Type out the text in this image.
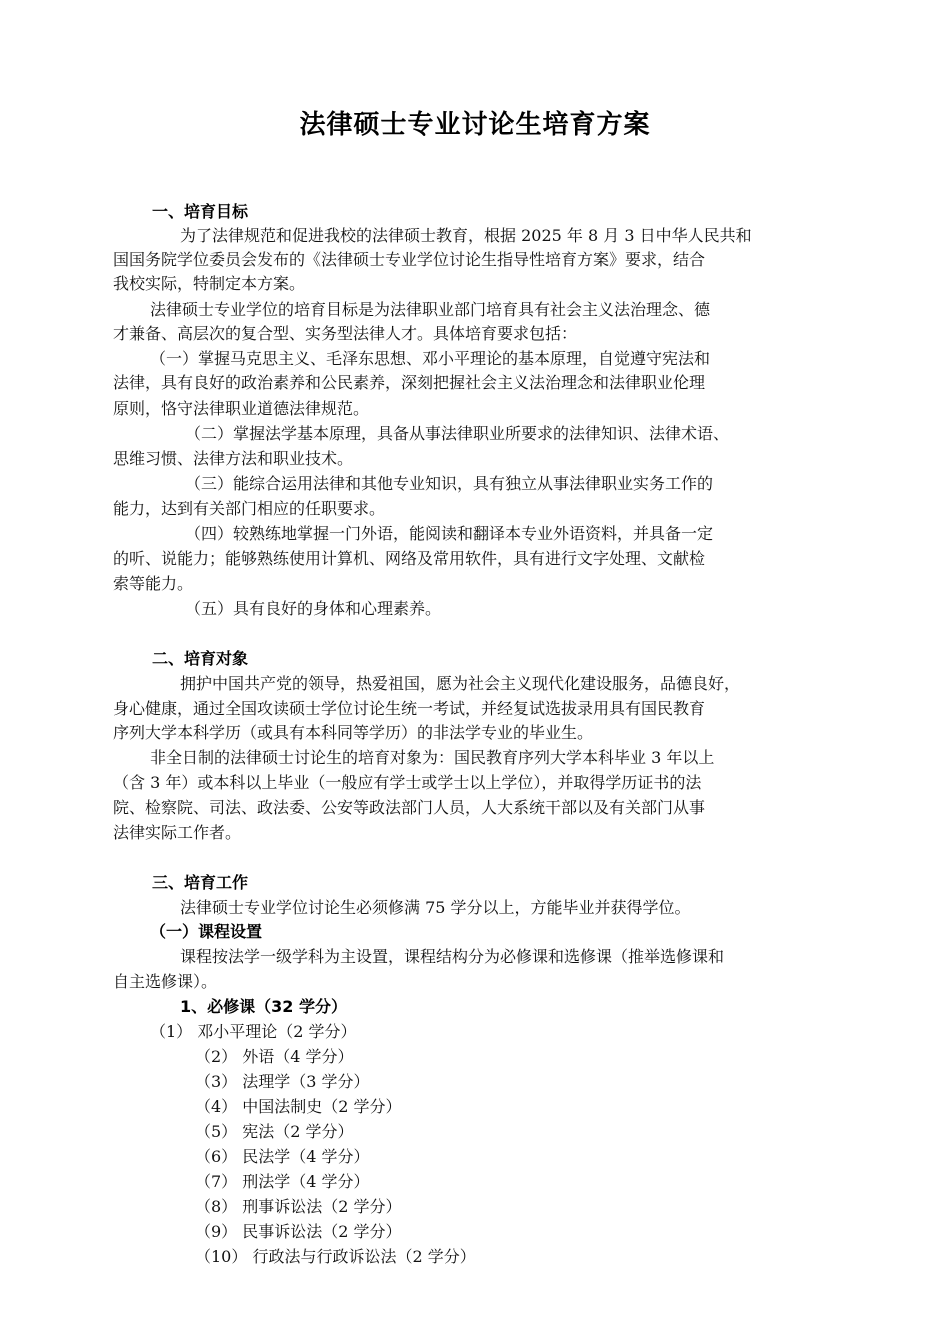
法律硕士专业讨论生培育方案
一、培育目标
为了法律规范和促进我校的法律硕士教育，根据 2025 年 8 月 3 日中华人民共和
国国务院学位委员会发布的《法律硕士专业学位讨论生指导性培育方案》要求，结合
我校实际，特制定本方案。
法律硕士专业学位的培育目标是为法律职业部门培育具有社会主义法治理念、德
才兼备、高层次的复合型、实务型法律人才。具体培育要求包括：
（一）掌握马克思主义、毛泽东思想、邓小平理论的基本原理，自觉遵守宪法和
法律，具有良好的政治素养和公民素养，深刻把握社会主义法治理念和法律职业伦理
原则，恪守法律职业道德法律规范。
（二）掌握法学基本原理，具备从事法律职业所要求的法律知识、法律术语、
思维习惯、法律方法和职业技术。
（三）能综合运用法律和其他专业知识，具有独立从事法律职业实务工作的
能力，达到有关部门相应的任职要求。
（四）较熟练地掌握一门外语，能阅读和翻译本专业外语资料，并具备一定
的听、说能力；能够熟练使用计算机、网络及常用软件，具有进行文字处理、文献检
索等能力。
（五）具有良好的身体和心理素养。
二、培育对象
拥护中国共产党的领导，热爱祖国，愿为社会主义现代化建设服务，品德良好，
身心健康，通过全国攻读硕士学位讨论生统一考试，并经复试选拔录用具有国民教育
序列大学本科学历（或具有本科同等学历）的非法学专业的毕业生。
非全日制的法律硕士讨论生的培育对象为：国民教育序列大学本科毕业 3 年以上
（含 3 年）或本科以上毕业（一般应有学士或学士以上学位），并取得学历证书的法
院、检察院、司法、政法委、公安等政法部门人员，人大系统干部以及有关部门从事
法律实际工作者。
三、培育工作
法律硕士专业学位讨论生必须修满 75 学分以上，方能毕业并获得学位。
（一）课程设置
课程按法学一级学科为主设置，课程结构分为必修课和选修课（推举选修课和
自主选修课）。
1、必修课（32 学分）
（1） 邓小平理论（2 学分）
（2） 外语（4 学分）
（3） 法理学（3 学分）
（4） 中国法制史（2 学分）
（5） 宪法（2 学分）
（6） 民法学（4 学分）
（7） 刑法学（4 学分）
（8） 刑事诉讼法（2 学分）
（9） 民事诉讼法（2 学分）
（10） 行政法与行政诉讼法（2 学分）
